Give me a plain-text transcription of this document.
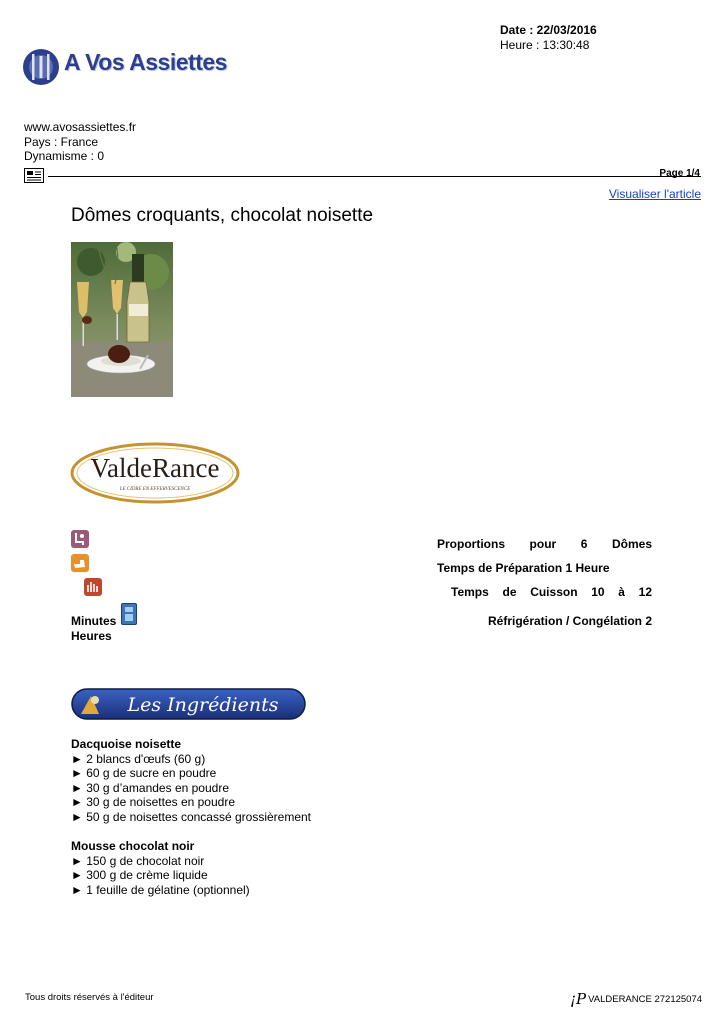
Date : 22/03/2016
Heure : 13:30:48
A Vos Assiettes
www.avosassiettes.fr
Pays : France
Dynamisme : 0
Page 1/4
Visualiser l'article
Dômes croquants, chocolat noisette
·
ValdeRance
LE CIDRE EN EFFERVESCENCE
Proportions pour 6 Dômes
Temps de Préparation 1 Heure
Temps de Cuisson 10 à 12
Minutes	Réfrigération / Congélation 2
Heures
Les Ingrédients
Dacquoise noisette
► 2 blancs d'œufs (60 g)
► 60 g de sucre en poudre
► 30 g d’amandes en poudre
► 30 g de noisettes en poudre
► 50 g de noisettes concassé grossièrement
Mousse chocolat noir
► 150 g de chocolat noir
► 300 g de crème liquide
► 1 feuille de gélatine (optionnel)
Tous droits réservés à l'éditeur	¡P VALDERANCE 272125074
